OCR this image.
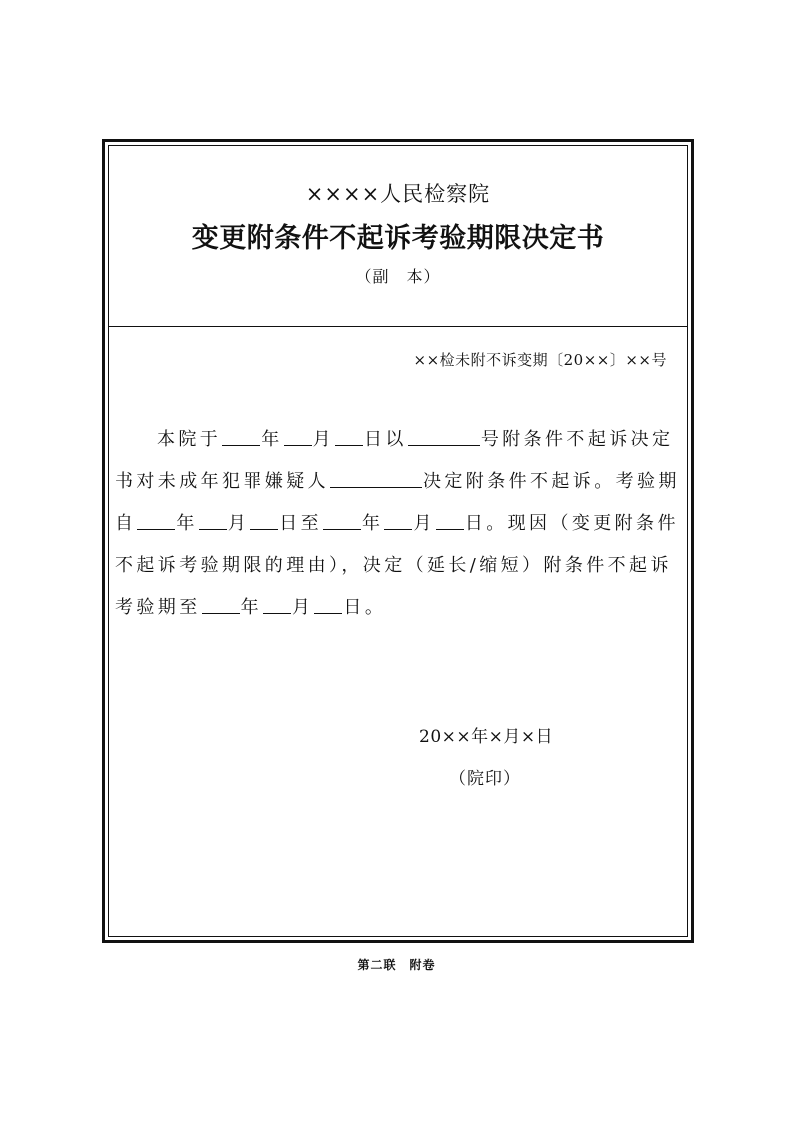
××××人民检察院
变更附条件不起诉考验期限决定书
（副　本）
××检未附不诉变期〔20××〕××号
本院于 年 月 日以	号附条件不起诉决定
书对未成年犯罪嫌疑人	决定附条件不起诉。考验期
自 年 月 日至 年 月 日。现因（变更附条件
不起诉考验期限的理由），决定（延长/缩短）附条件不起诉
考验期至 年 月 日。
20××年×月×日
（院印）
第二联　附卷
